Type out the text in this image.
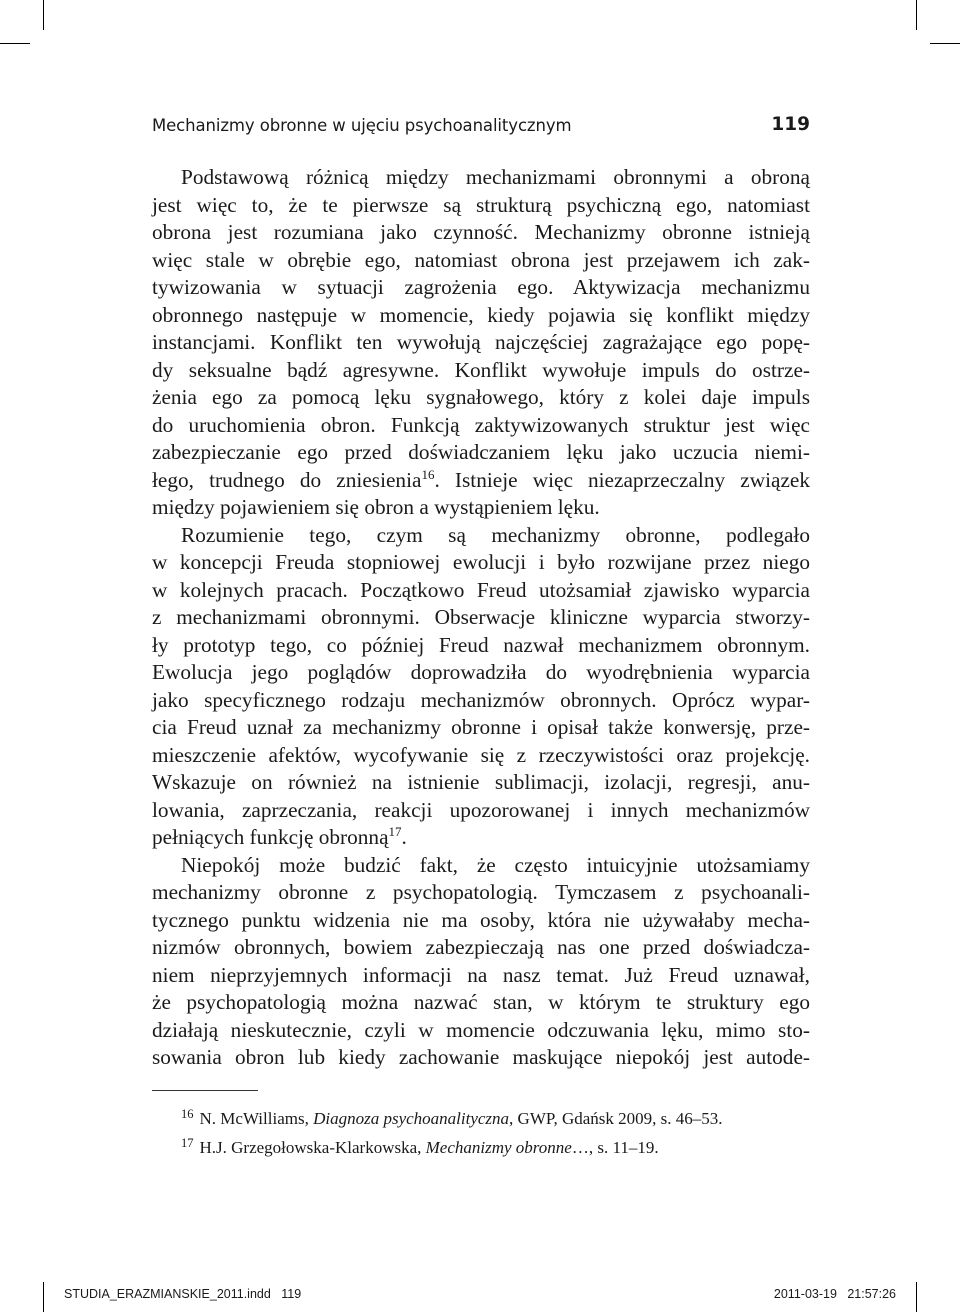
Mechanizmy obronne w ujęciu psychoanalitycznym	119
Podstawową różnicą między mechanizmami obronnymi a obroną
jest więc to, że te pierwsze są strukturą psychiczną ego, natomiast
obrona jest rozumiana jako czynność. Mechanizmy obronne istnieją
więc stale w obrębie ego, natomiast obrona jest przejawem ich zak-
tywizowania w sytuacji zagrożenia ego. Aktywizacja mechanizmu
obronnego następuje w momencie, kiedy pojawia się konflikt między
instancjami. Konflikt ten wywołują najczęściej zagrażające ego popę-
dy seksualne bądź agresywne. Konflikt wywołuje impuls do ostrze-
żenia ego za pomocą lęku sygnałowego, który z kolei daje impuls
do uruchomienia obron. Funkcją zaktywizowanych struktur jest więc
zabezpieczanie ego przed doświadczaniem lęku jako uczucia niemi-
łego, trudnego do zniesienia$^{16}$. Istnieje więc niezaprzeczalny związek
między pojawieniem się obron a wystąpieniem lęku.
Rozumienie tego, czym są mechanizmy obronne, podlegało
w koncepcji Freuda stopniowej ewolucji i było rozwijane przez niego
w kolejnych pracach. Początkowo Freud utożsamiał zjawisko wyparcia
z mechanizmami obronnymi. Obserwacje kliniczne wyparcia stworzy-
ły prototyp tego, co później Freud nazwał mechanizmem obronnym.
Ewolucja jego poglądów doprowadziła do wyodrębnienia wyparcia
jako specyficznego rodzaju mechanizmów obronnych. Oprócz wypar-
cia Freud uznał za mechanizmy obronne i opisał także konwersję, prze-
mieszczenie afektów, wycofywanie się z rzeczywistości oraz projekcję.
Wskazuje on również na istnienie sublimacji, izolacji, regresji, anu-
lowania, zaprzeczania, reakcji upozorowanej i innych mechanizmów
pełniących funkcję obronną$^{17}$.
Niepokój może budzić fakt, że często intuicyjnie utożsamiamy
mechanizmy obronne z psychopatologią. Tymczasem z psychoanali-
tycznego punktu widzenia nie ma osoby, która nie używałaby mecha-
nizmów obronnych, bowiem zabezpieczają nas one przed doświadcza-
niem nieprzyjemnych informacji na nasz temat. Już Freud uznawał,
że psychopatologią można nazwać stan, w którym te struktury ego
działają nieskutecznie, czyli w momencie odczuwania lęku, mimo sto-
sowania obron lub kiedy zachowanie maskujące niepokój jest autode-
$^{16}$ N. McWilliams, Diagnoza psychoanalityczna, GWP, Gdańsk 2009, s. 46–53.
$^{17}$ H.J. Grzegołowska-Klarkowska, Mechanizmy obronne…, s. 11–19.
STUDIA_ERAZMIANSKIE_2011.indd   119	2011-03-19   21:57:26
